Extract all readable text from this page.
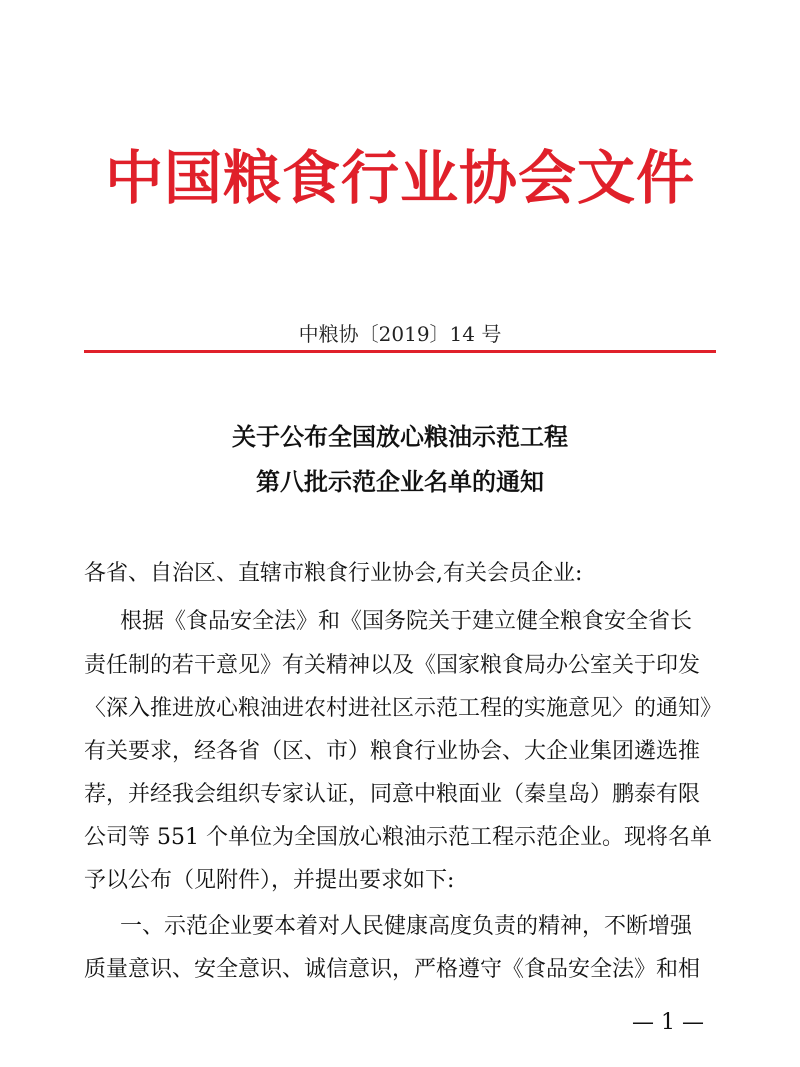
中国粮食行业协会文件
中粮协〔2019〕14 号
关于公布全国放心粮油示范工程
第八批示范企业名单的通知
各省、自治区、直辖市粮食行业协会,有关会员企业:
根据《食品安全法》和《国务院关于建立健全粮食安全省长
责任制的若干意见》有关精神以及《国家粮食局办公室关于印发
〈深入推进放心粮油进农村进社区示范工程的实施意见〉的通知》
有关要求，经各省（区、市）粮食行业协会、大企业集团遴选推
荐，并经我会组织专家认证，同意中粮面业（秦皇岛）鹏泰有限
公司等 551 个单位为全国放心粮油示范工程示范企业。现将名单
予以公布（见附件），并提出要求如下:
一、示范企业要本着对人民健康高度负责的精神，不断增强
质量意识、安全意识、诚信意识，严格遵守《食品安全法》和相
— 1 —
